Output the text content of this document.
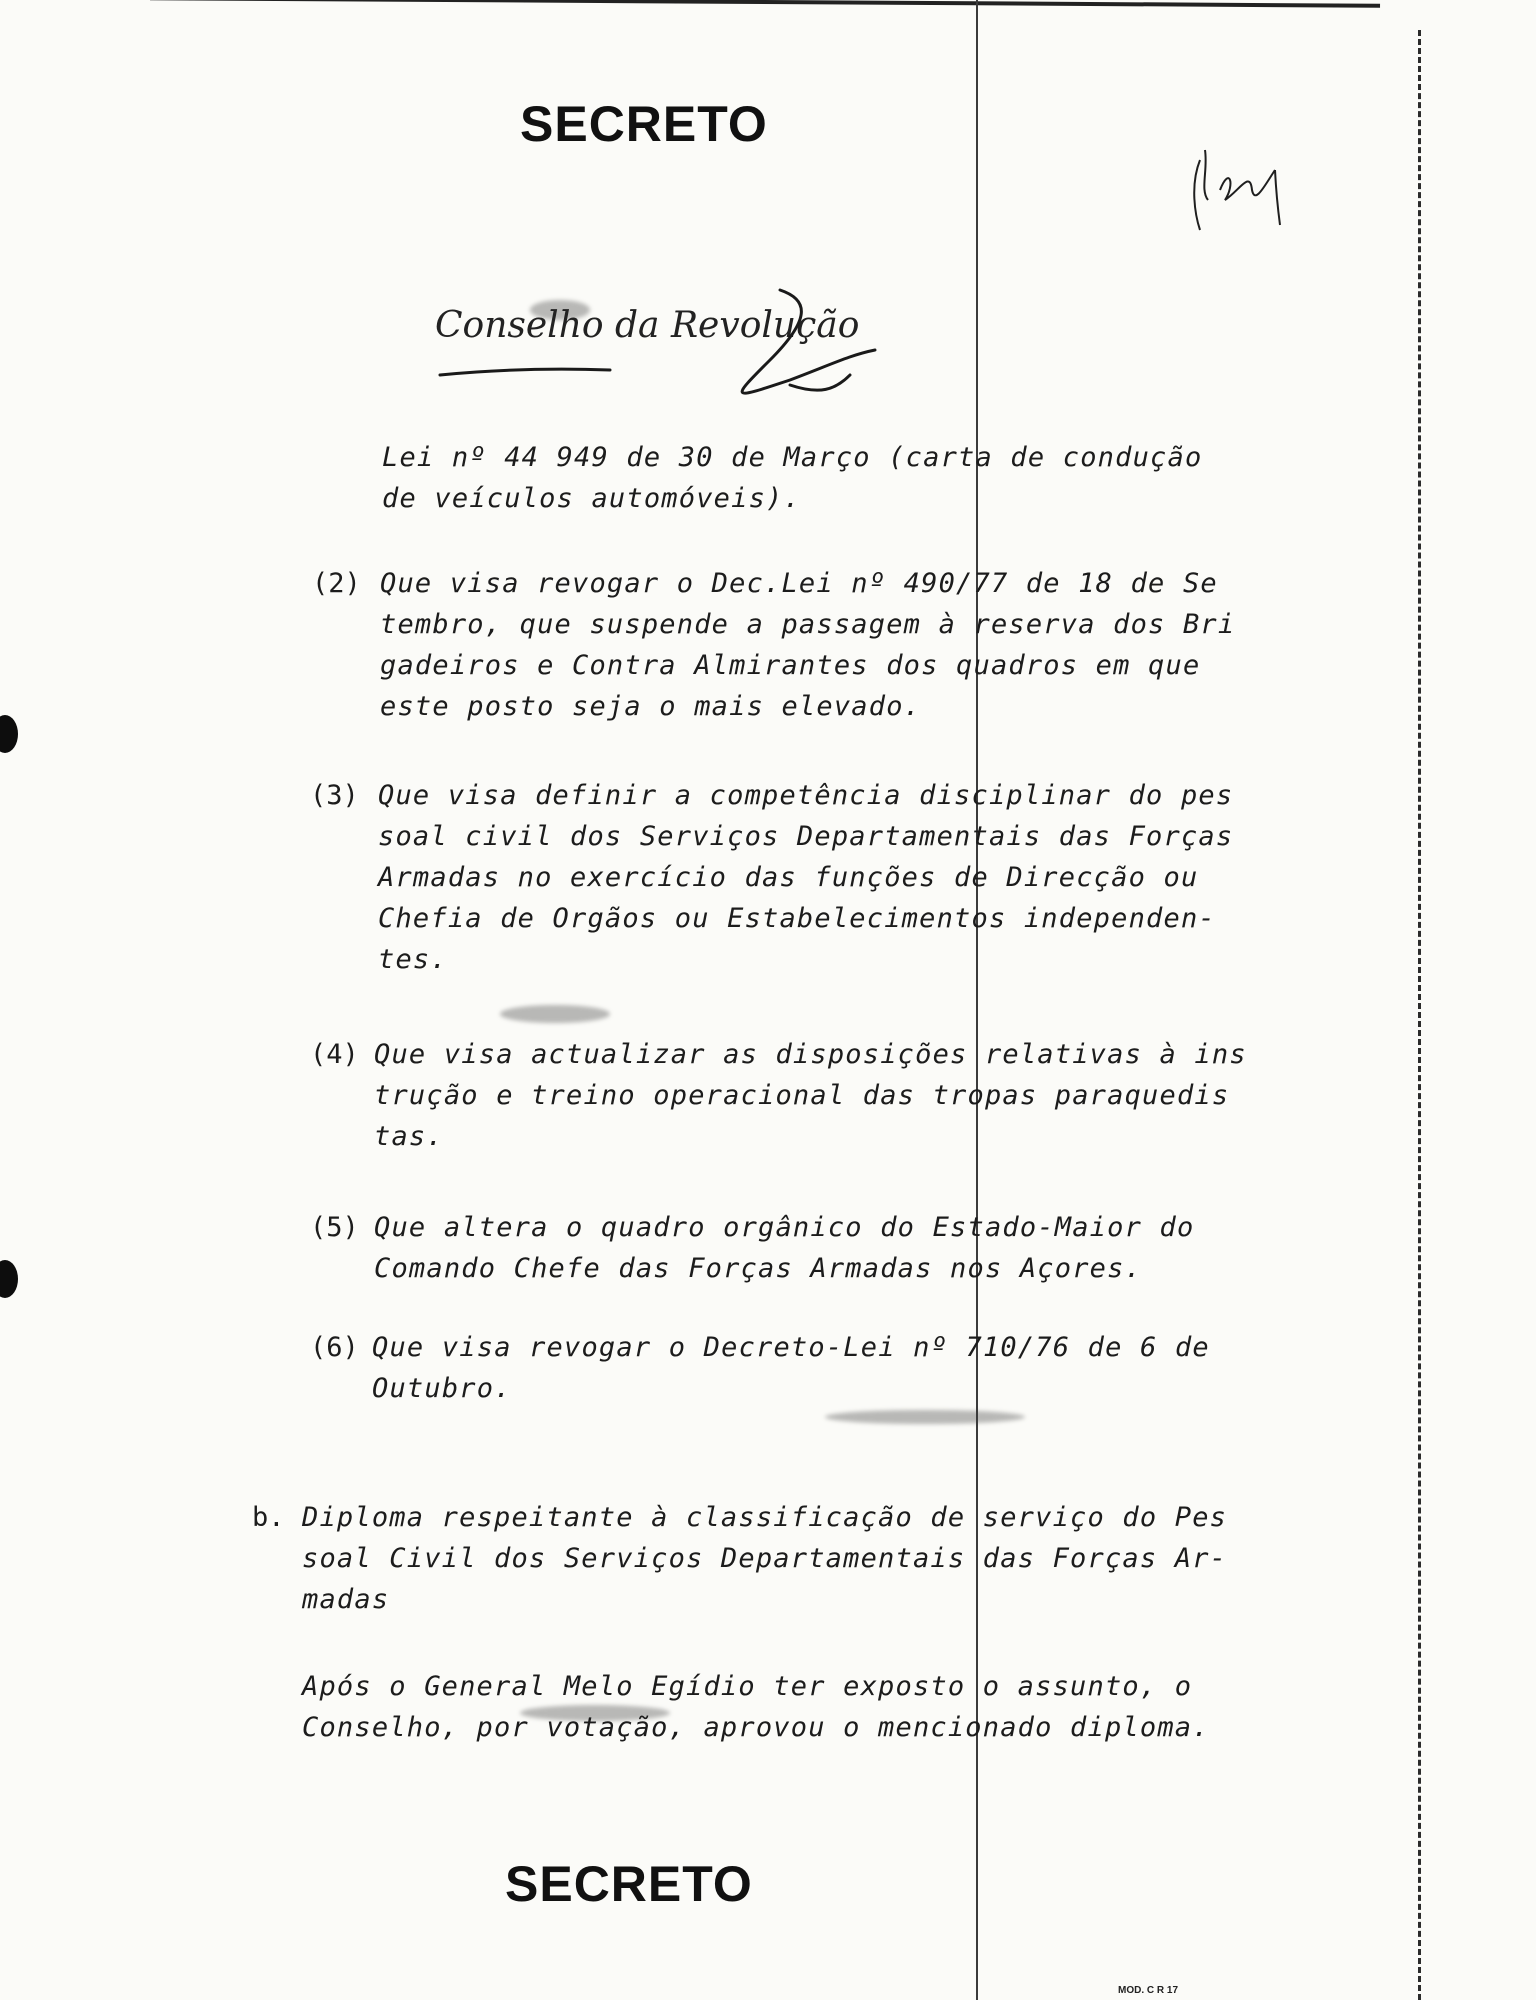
SECRETO
Conselho da Revolução
Lei nº 44 949 de 30 de Março (carta de condução
de veículos automóveis).
(2) Que visa revogar o Dec.Lei nº 490/77 de 18 de Se
tembro, que suspende a passagem à reserva dos Bri
gadeiros e Contra Almirantes dos quadros em que
este posto seja o mais elevado.
(3) Que visa definir a competência disciplinar do pes
soal civil dos Serviços Departamentais das Forças
Armadas no exercício das funções de Direcção ou
Chefia de Orgãos ou Estabelecimentos independen-
tes.
(4) Que visa actualizar as disposições relativas à ins
trução e treino operacional das tropas paraquedis
tas.
(5) Que altera o quadro orgânico do Estado-Maior do
Comando Chefe das Forças Armadas nos Açores.
(6) Que visa revogar o Decreto-Lei nº 710/76 de 6 de
Outubro.
b. Diploma respeitante à classificação de serviço do Pes
soal Civil dos Serviços Departamentais das Forças Ar-
madas
Após o General Melo Egídio ter exposto o assunto, o
Conselho, por votação, aprovou o mencionado diploma.
SECRETO
MOD. C R 17
